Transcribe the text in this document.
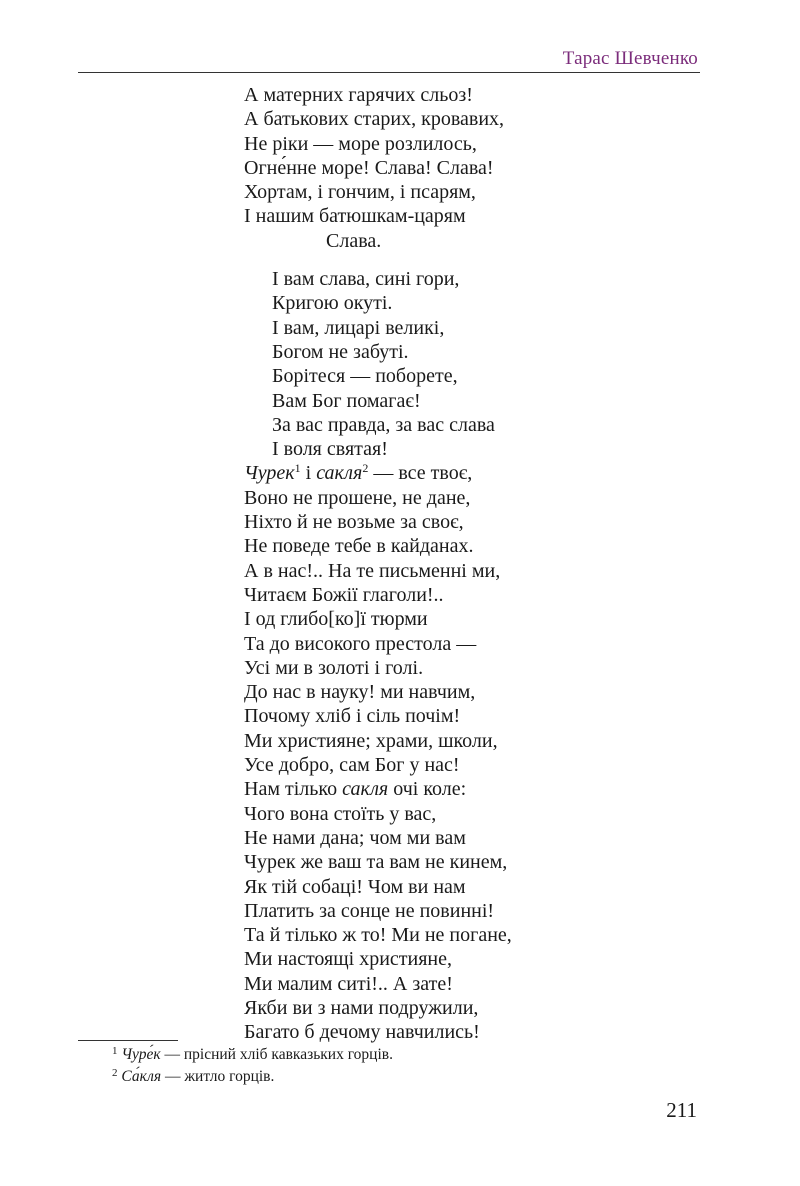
Тарас Шевченко
А матерних гарячих сльоз!
А батькових старих, кровавих,
Не ріки — море розлилось,
Огне́нне море! Слава! Слава!
Хортам, і гончим, і псарям,
І нашим батюшкам-царям
Слава.
І вам слава, сині гори,
Кригою окуті.
І вам, лицарі великі,
Богом не забуті.
Борітеся — поборете,
Вам Бог помагає!
За вас правда, за вас слава
І воля святая!
Чурек$^1$ і сакля$^2$ — все твоє,
Воно не прошене, не дане,
Ніхто й не возьме за своє,
Не поведе тебе в кайданах.
А в нас!.. На те письменні ми,
Читаєм Божії глаголи!..
І од глибо[ко]ї тюрми
Та до високого престола —
Усі ми в золоті і голі.
До нас в науку! ми навчим,
Почому хліб і сіль почім!
Ми християне; храми, школи,
Усе добро, сам Бог у нас!
Нам тілько сакля очі коле:
Чого вона стоїть у вас,
Не нами дана; чом ми вам
Чурек же ваш та вам не кинем,
Як тій собаці! Чом ви нам
Платить за сонце не повинні!
Та й тілько ж то! Ми не погане,
Ми настоящі християне,
Ми малим ситі!.. А зате!
Якби ви з нами подружили,
Багато б дечому навчились!
$^1$ Чуре́к — прісний хліб кавказьких горців.
$^2$ Са́кля — житло горців.
211
